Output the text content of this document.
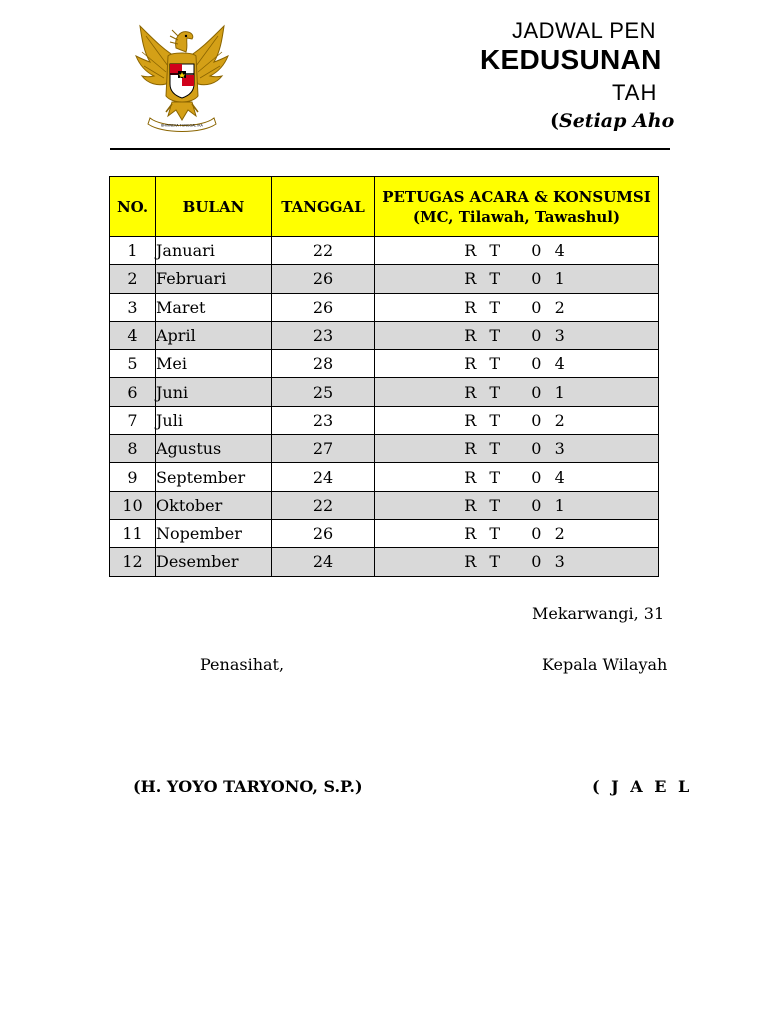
BHINNEKA TUNGGAL IKA
JADWAL PEN
KEDUSUNAN
TAH
(Setiap Aho
NO.	BULAN	TANGGAL	PETUGAS ACARA & KONSUMSI
(MC, Tilawah, Tawashul)

1	Januari	22	R T   0 4
2	Februari	26	R T   0 1
3	Maret	26	R T   0 2
4	April	23	R T   0 3
5	Mei	28	R T   0 4
6	Juni	25	R T   0 1
7	Juli	23	R T   0 2
8	Agustus	27	R T   0 3
9	September	24	R T   0 4
10	Oktober	22	R T   0 1
11	Nopember	26	R T   0 2
12	Desember	24	R T   0 3
Mekarwangi, 31
Penasihat,	Kepala Wilayah
(H. YOYO TARYONO, S.P.)	( J A E L
